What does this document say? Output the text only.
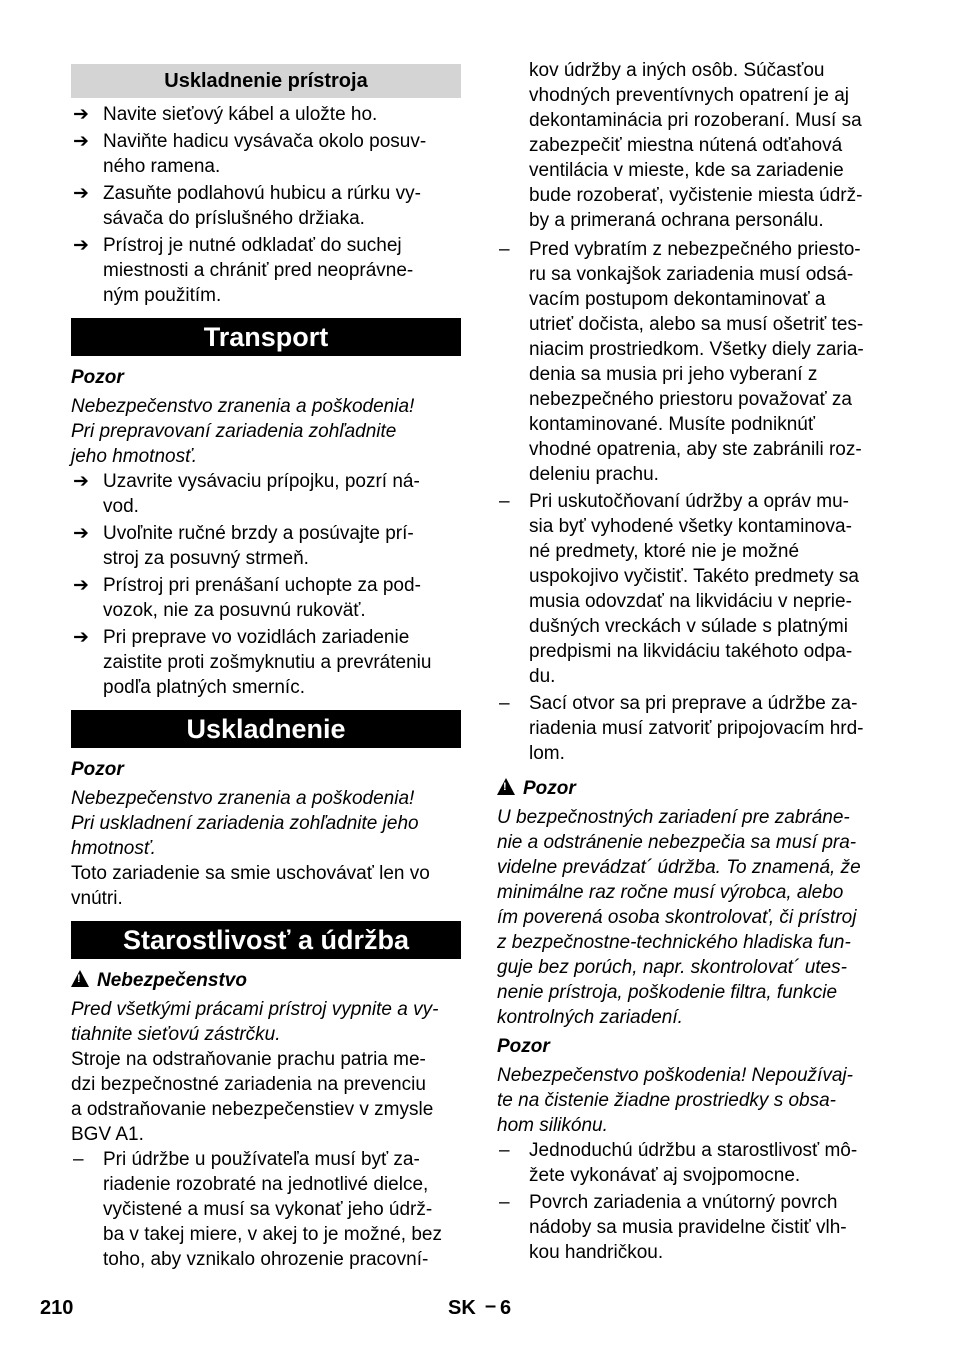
Uskladnenie prístroja
➔ Navite sieťový kábel a uložte ho.
➔ Naviňte hadicu vysávača okolo posuv-
ného ramena.
➔ Zasuňte podlahovú hubicu a rúrku vy-
sávača do príslušného držiaka.
➔ Prístroj je nutné odkladať do suchej
miestnosti a chrániť pred neoprávne-
ným použitím.
Transport
Pozor
Nebezpečenstvo zranenia a poškodenia!
Pri prepravovaní zariadenia zohľadnite
jeho hmotnosť.
➔ Uzavrite vysávaciu prípojku, pozrí ná-
vod.
➔ Uvoľnite ručné brzdy a posúvajte prí-
stroj za posuvný strmeň.
➔ Prístroj pri prenášaní uchopte za pod-
vozok, nie za posuvnú rukoväť.
➔ Pri preprave vo vozidlách zariadenie
zaistite proti zošmyknutiu a prevráteniu
podľa platných smerníc.
Uskladnenie
Pozor
Nebezpečenstvo zranenia a poškodenia!
Pri uskladnení zariadenia zohľadnite jeho
hmotnosť.
Toto zariadenie sa smie uschovávať len vo
vnútri.
Starostlivosť a údržba
!Nebezpečenstvo
Pred všetkými prácami prístroj vypnite a vy-
tiahnite sieťovú zástrčku.
Stroje na odstraňovanie prachu patria me-
dzi bezpečnostné zariadenia na prevenciu
a odstraňovanie nebezpečenstiev v zmysle
BGV A1.
– Pri údržbe u používateľa musí byť za-
riadenie rozobraté na jednotlivé dielce,
vyčistené a musí sa vykonať jeho údrž-
ba v takej miere, v akej to je možné, bez
toho, aby vznikalo ohrozenie pracovní-
kov údržby a iných osôb. Súčasťou
vhodných preventívnych opatrení je aj
dekontaminácia pri rozoberaní. Musí sa
zabezpečiť miestna nútená odťahová
ventilácia v mieste, kde sa zariadenie
bude rozoberať, vyčistenie miesta údrž-
by a primeraná ochrana personálu.
– Pred vybratím z nebezpečného priesto-
ru sa vonkajšok zariadenia musí odsá-
vacím postupom dekontaminovať a
utrieť dočista, alebo sa musí ošetriť tes-
niacim prostriedkom. Všetky diely zaria-
denia sa musia pri jeho vyberaní z
nebezpečného priestoru považovať za
kontaminované. Musíte podniknúť
vhodné opatrenia, aby ste zabránili roz-
deleniu prachu.
– Pri uskutočňovaní údržby a opráv mu-
sia byť vyhodené všetky kontaminova-
né predmety, ktoré nie je možné
uspokojivo vyčistiť. Takéto predmety sa
musia odovzdať na likvidáciu v neprie-
dušných vreckách v súlade s platnými
predpismi na likvidáciu takéhoto odpa-
du.
– Sací otvor sa pri preprave a údržbe za-
riadenia musí zatvoriť pripojovacím hrd-
lom.
!Pozor
U bezpečnostných zariadení pre zabráne-
nie a odstránenie nebezpečia sa musí pra-
videlne prevádzat´ údržba. To znamená, že
minimálne raz ročne musí výrobca, alebo
ím poverená osoba skontrolovať, či prístroj
z bezpečnostne-technického hladiska fun-
guje bez porúch, napr. skontrolovat´ utes-
nenie prístroja, poškodenie filtra, funkcie
kontrolných zariadení.
Pozor
Nebezpečenstvo poškodenia! Nepoužívaj-
te na čistenie žiadne prostriedky s obsa-
hom silikónu.
– Jednoduchú údržbu a starostlivosť mô-
žete vykonávať aj svojpomocne.
– Povrch zariadenia a vnútorný povrch
nádoby sa musia pravidelne čistiť vlh-
kou handričkou.
210	SK – 6
